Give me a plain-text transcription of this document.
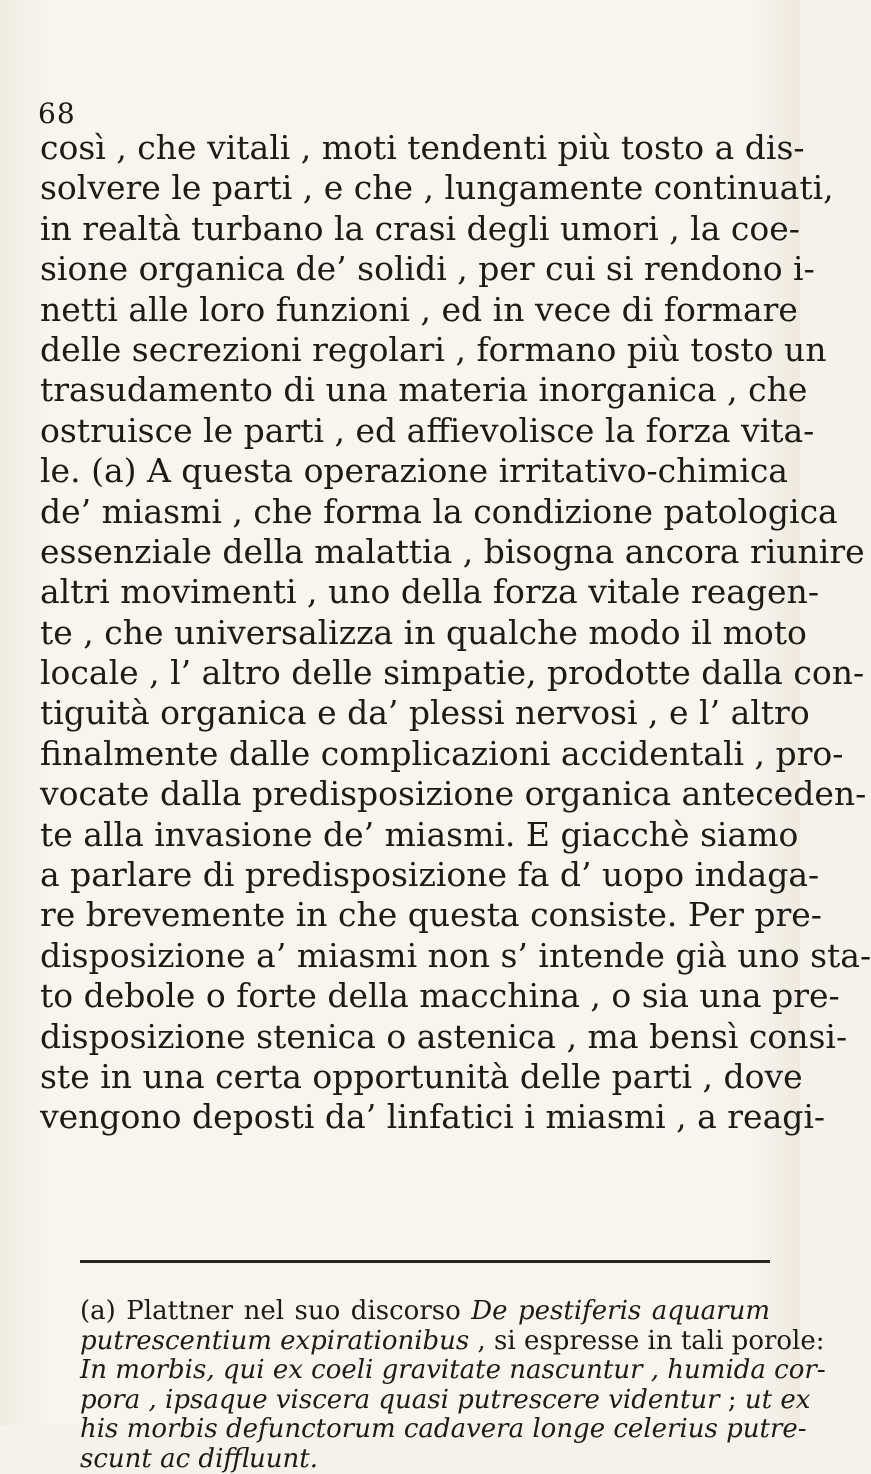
68
così , che vitali , moti tendenti più tosto a dis-
solvere le parti , e che , lungamente continuati,
in realtà turbano la crasi degli umori , la coe-
sione organica de’ solidi , per cui si rendono i-
netti alle loro funzioni , ed in vece di formare
delle secrezioni regolari , formano più tosto un
trasudamento di una materia inorganica , che
ostruisce le parti , ed affievolisce la forza vita-
le. (a) A questa operazione irritativo-chimica
de’ miasmi , che forma la condizione patologica
essenziale della malattia , bisogna ancora riunire
altri movimenti , uno della forza vitale reagen-
te , che universalizza in qualche modo il moto
locale , l’ altro delle simpatie, prodotte dalla con-
tiguità organica e da’ plessi nervosi , e l’ altro
finalmente dalle complicazioni accidentali , pro-
vocate dalla predisposizione organica anteceden-
te alla invasione de’ miasmi. E giacchè siamo
a parlare di predisposizione fa d’ uopo indaga-
re brevemente in che questa consiste. Per pre-
disposizione a’ miasmi non s’ intende già uno sta-
to debole o forte della macchina , o sia una pre-
disposizione stenica o astenica , ma bensì consi-
ste in una certa opportunità delle parti , dove
vengono deposti da’ linfatici i miasmi , a reagi-
(a) Plattner nel suo discorso De pestiferis aquarum
putrescentium expirationibus , si espresse in tali porole:
In morbis, qui ex coeli gravitate nascuntur , humida cor-
pora , ipsaque viscera quasi putrescere videntur ; ut ex
his morbis defunctorum cadavera longe celerius putre-
scunt ac diffluunt.
